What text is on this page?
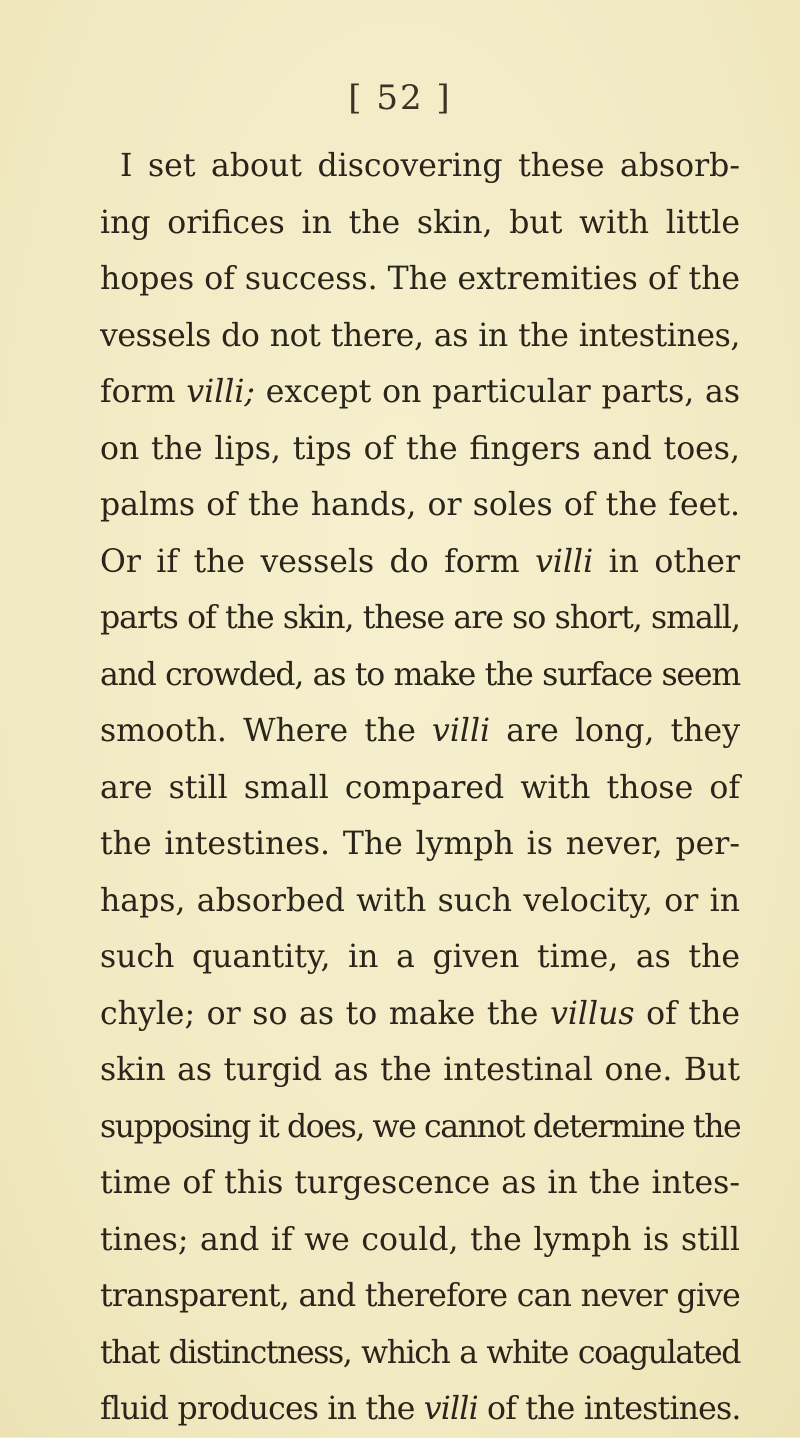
[ 52 ]
I set about discovering these absorb-
ing orifices in the skin, but with little
hopes of success. The extremities of the
vessels do not there, as in the intestines,
form villi; except on particular parts, as
on the lips, tips of the fingers and toes,
palms of the hands, or soles of the feet.
Or if the vessels do form villi in other
parts of the skin, these are so short, small,
and crowded, as to make the surface seem
smooth. Where the villi are long, they
are still small compared with those of
the intestines. The lymph is never, per-
haps, absorbed with such velocity, or in
such quantity, in a given time, as the
chyle; or so as to make the villus of the
skin as turgid as the intestinal one. But
supposing it does, we cannot determine the
time of this turgescence as in the intes-
tines; and if we could, the lymph is still
transparent, and therefore can never give
that distinctness, which a white coagulated
fluid produces in the villi of the intestines.
